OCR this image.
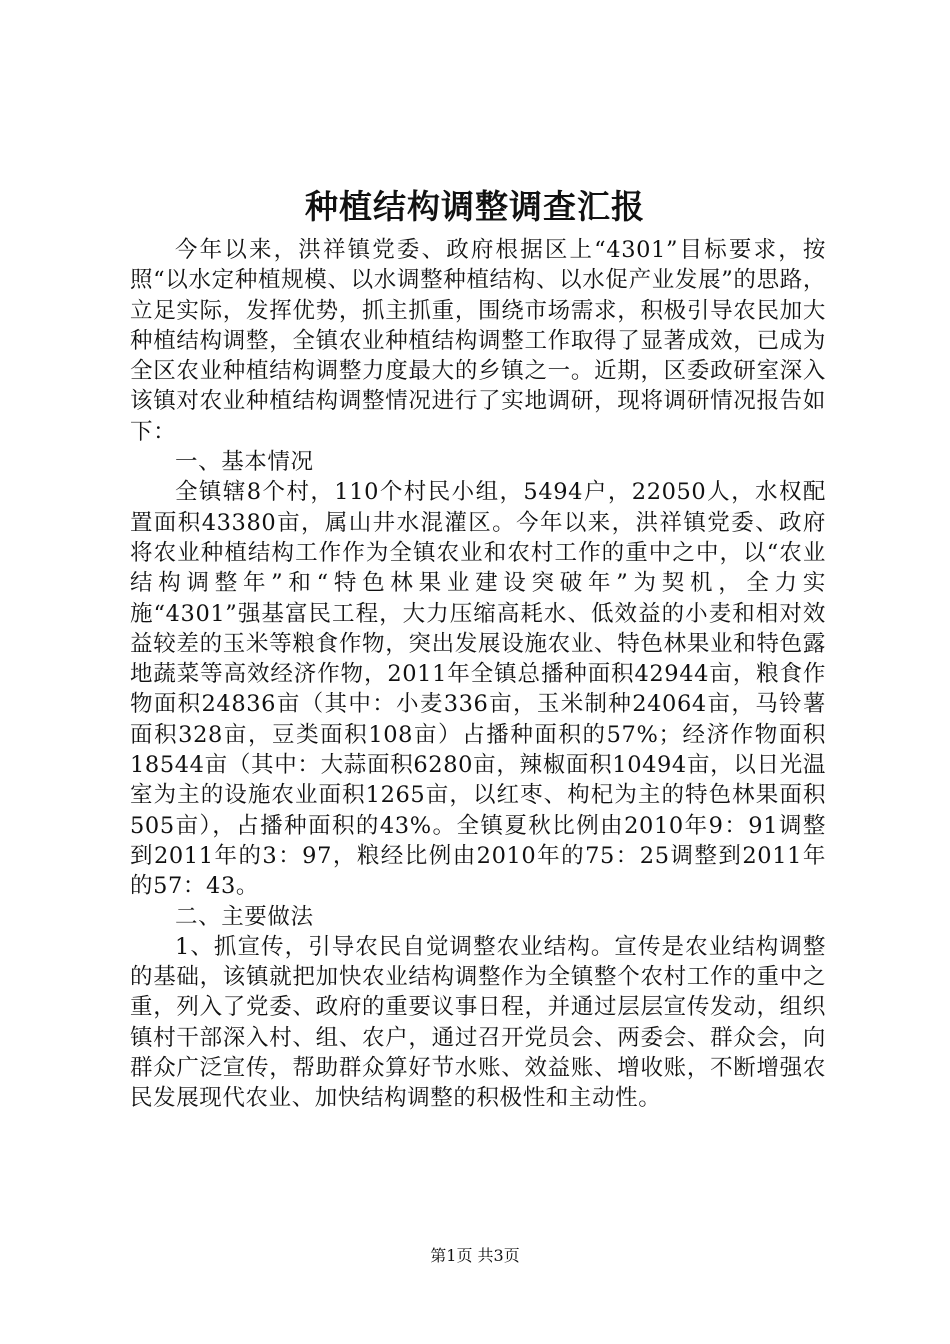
种植结构调整调查汇报

今年以来，洪祥镇党委、政府根据区上“4301”目标要求，按照“以水定种植规模、以水调整种植结构、以水促产业发展”的思路，立足实际，发挥优势，抓主抓重，围绕市场需求，积极引导农民加大种植结构调整，全镇农业种植结构调整工作取得了显著成效，已成为全区农业种植结构调整力度最大的乡镇之一。近期，区委政研室深入该镇对农业种植结构调整情况进行了实地调研，现将调研情况报告如下：

一、基本情况

全镇辖8个村，110个村民小组，5494户，22050人，水权配置面积43380亩，属山井水混灌区。今年以来，洪祥镇党委、政府将农业种植结构工作作为全镇农业和农村工作的重中之中，以“农业结构调整年”和“特色林果业建设突破年”为契机，全力实施“4301”强基富民工程，大力压缩高耗水、低效益的小麦和相对效益较差的玉米等粮食作物，突出发展设施农业、特色林果业和特色露地蔬菜等高效经济作物，2011年全镇总播种面积42944亩，粮食作物面积24836亩（其中：小麦336亩，玉米制种24064亩，马铃薯面积328亩，豆类面积108亩）占播种面积的57%；经济作物面积18544亩（其中：大蒜面积6280亩，辣椒面积10494亩，以日光温室为主的设施农业面积1265亩，以红枣、枸杞为主的特色林果面积505亩），占播种面积的43%。全镇夏秋比例由2010年9：91调整到2011年的3：97，粮经比例由2010年的75：25调整到2011年的57：43。

二、主要做法

1、抓宣传，引导农民自觉调整农业结构。宣传是农业结构调整的基础，该镇就把加快农业结构调整作为全镇整个农村工作的重中之重，列入了党委、政府的重要议事日程，并通过层层宣传发动，组织镇村干部深入村、组、农户，通过召开党员会、两委会、群众会，向群众广泛宣传，帮助群众算好节水账、效益账、增收账，不断增强农民发展现代农业、加快结构调整的积极性和主动性。

第1页 共3页
